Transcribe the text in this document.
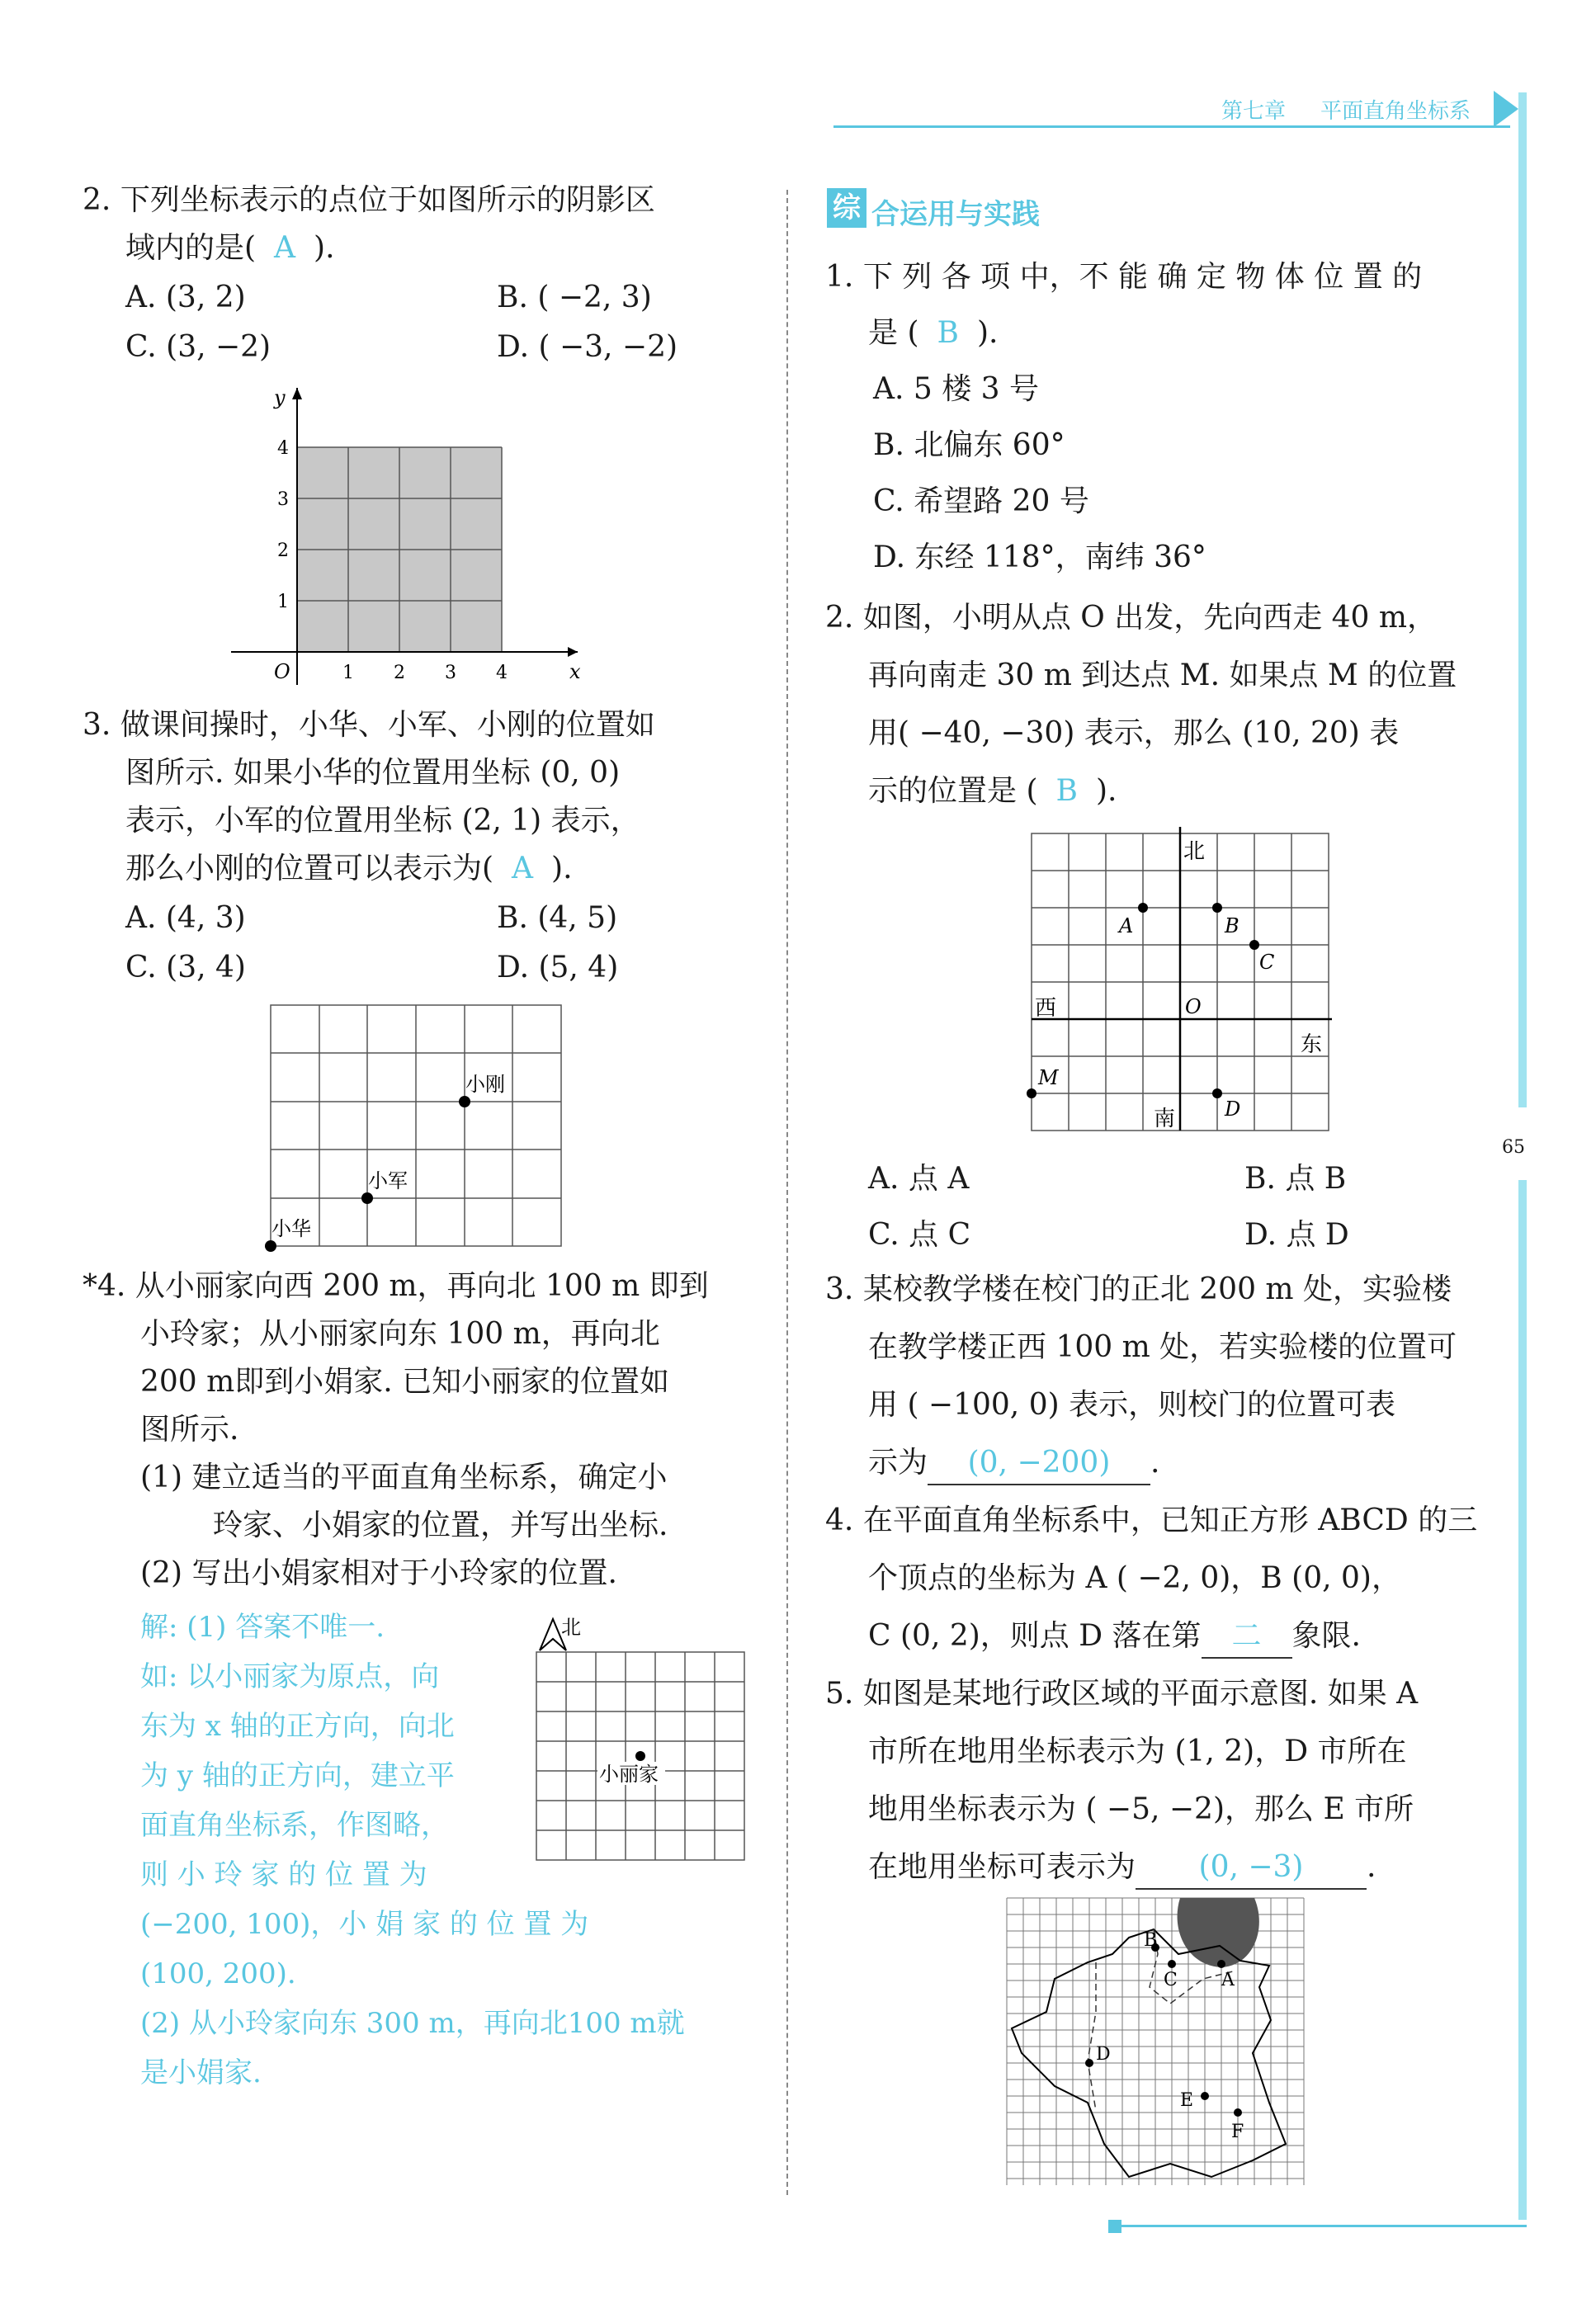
第七章 平面直角坐标系
65
2. 下列坐标表示的点位于如图所示的阴影区
域内的是( A ).
A. (3, 2)	B. ( −2, 3)
C. (3, −2)	D. ( −3, −2)
y
x
O	1 2 3 4
1
2
3
4
3. 做课间操时，小华、小军、小刚的位置如
图所示. 如果小华的位置用坐标 (0, 0)
表示，小军的位置用坐标 (2, 1) 表示，
那么小刚的位置可以表示为( A ).
A. (4, 3)	B. (4, 5)
C. (3, 4)	D. (5, 4)
小刚
小军
小华
*4. 从小丽家向西 200 m，再向北 100 m 即到
小玲家；从小丽家向东 100 m，再向北
200 m即到小娟家. 已知小丽家的位置如
图所示.
(1) 建立适当的平面直角坐标系，确定小
玲家、小娟家的位置，并写出坐标.
(2) 写出小娟家相对于小玲家的位置.
解: (1) 答案不唯一.
如: 以小丽家为原点，向
东为 x 轴的正方向，向北
为 y 轴的正方向，建立平
面直角坐标系，作图略，
则 小 玲 家 的 位 置 为
(−200, 100)，小 娟 家 的 位 置 为
(100, 200).
(2) 从小玲家向东 300 m，再向北100 m就
是小娟家.
北
小丽家
综 合运用与实践
1. 下 列 各 项 中，不 能 确 定 物 体 位 置 的
是 ( B ).
A. 5 楼 3 号
B. 北偏东 60°
C. 希望路 20 号
D. 东经 118°，南纬 36°
2. 如图，小明从点 O 出发，先向西走 40 m，
再向南走 30 m 到达点 M. 如果点 M 的位置
用( −40, −30) 表示，那么 (10, 20) 表
示的位置是 ( B ).
北
西
东
南
O
A	B
C
D
M
A. 点 A	B. 点 B
C. 点 C	D. 点 D
3. 某校教学楼在校门的正北 200 m 处，实验楼
在教学楼正西 100 m 处，若实验楼的位置可
用 ( −100, 0) 表示，则校门的位置可表
示为 (0, −200) .
4. 在平面直角坐标系中，已知正方形 ABCD 的三
个顶点的坐标为 A ( −2, 0)，B (0, 0)，
C (0, 2)，则点 D 落在第 二 象限.
5. 如图是某地行政区域的平面示意图. 如果 A
市所在地用坐标表示为 (1, 2)，D 市所在
地用坐标表示为 ( −5, −2)，那么 E 市所
在地用坐标可表示为 (0, −3) .
B
C A
D
E
F
